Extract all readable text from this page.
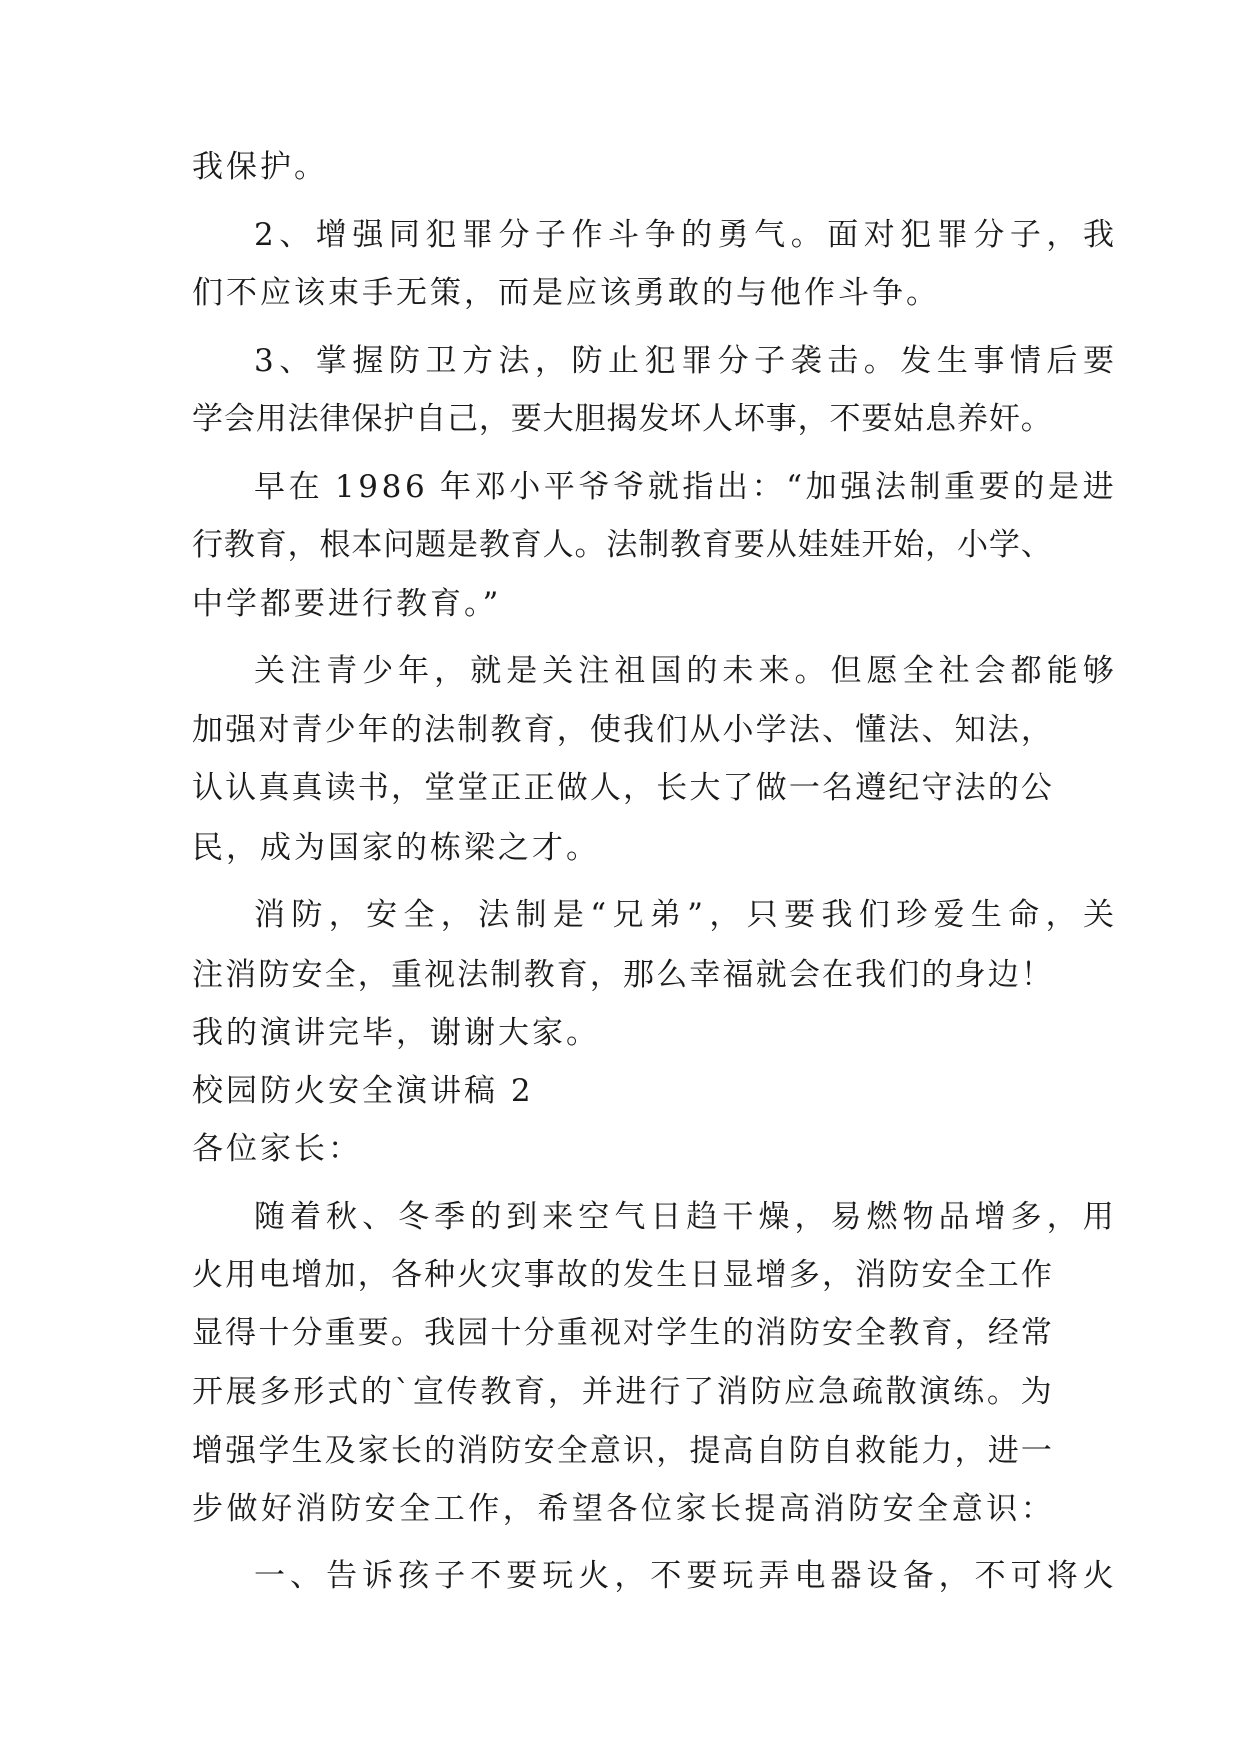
我保护。
2 、 增 强 同 犯 罪 分 子 作 斗 争 的 勇 气 。 面 对 犯 罪 分 子 ， 我
们不应该束手无策，而是应该勇敢的与他作斗争。
3 、 掌 握 防 卫 方 法 ， 防 止 犯 罪 分 子 袭 击 。 发 生 事 情 后 要
学 会 用 法 律 保 护 自 己 ， 要 大 胆 揭 发 坏 人 坏 事 ， 不 要 姑 息 养 奸 。
早 在 1 9 8 6 年 邓 小 平 爷 爷 就 指 出 ： “ 加 强 法 制 重 要 的 是 进
行 教 育 ， 根 本 问 题 是 教 育 人 。 法 制 教 育 要 从 娃 娃 开 始 ， 小 学 、
中学都要进行教育。”
关 注 青 少 年 ， 就 是 关 注 祖 国 的 未 来 。 但 愿 全 社 会 都 能 够
加 强 对 青 少 年 的 法 制 教 育 ， 使 我 们 从 小 学 法 、 懂 法 、 知 法 ，
认 认 真 真 读 书 ， 堂 堂 正 正 做 人 ， 长 大 了 做 一 名 遵 纪 守 法 的 公
民，成为国家的栋梁之才。
消 防 ， 安 全 ， 法 制 是 “ 兄 弟 ” ， 只 要 我 们 珍 爱 生 命 ， 关
注 消 防 安 全 ， 重 视 法 制 教 育 ， 那 么 幸 福 就 会 在 我 们 的 身 边 ！
我的演讲完毕，谢谢大家。
校园防火安全演讲稿 2
各位家长：
随 着 秋 、 冬 季 的 到 来 空 气 日 趋 干 燥 ， 易 燃 物 品 增 多 ， 用
火 用 电 增 加 ， 各 种 火 灾 事 故 的 发 生 日 显 增 多 ， 消 防 安 全 工 作
显 得 十 分 重 要 。 我 园 十 分 重 视 对 学 生 的 消 防 安 全 教 育 ， 经 常
开 展 多 形 式 的 ` 宣 传 教 育 ， 并 进 行 了 消 防 应 急 疏 散 演 练 。 为
增 强 学 生 及 家 长 的 消 防 安 全 意 识 ， 提 高 自 防 自 救 能 力 ， 进 一
步 做 好 消 防 安 全 工 作 ， 希 望 各 位 家 长 提 高 消 防 安 全 意 识 ：
一 、 告 诉 孩 子 不 要 玩 火 ， 不 要 玩 弄 电 器 设 备 ， 不 可 将 火
